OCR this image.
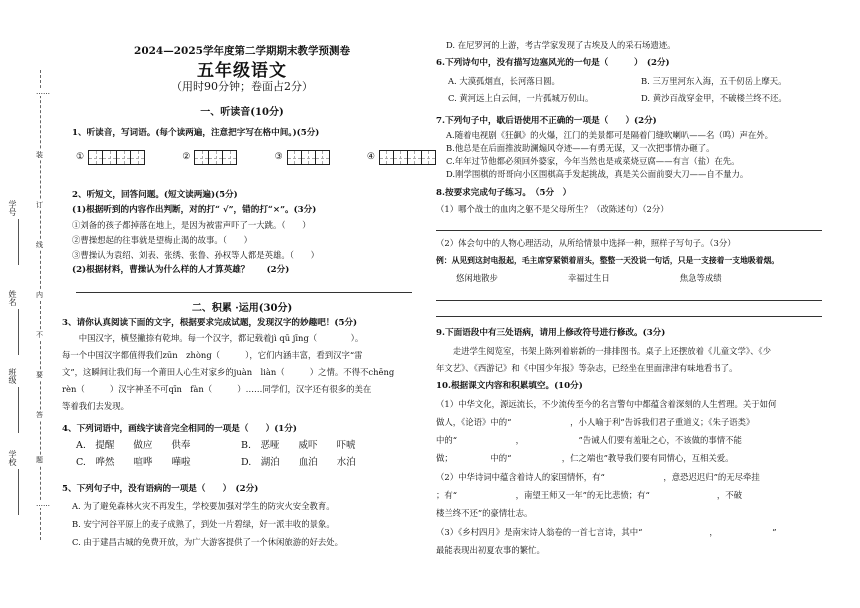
学号
姓名
班级
学校
……
装
订
线
内
不
要
答
题
……
2024—2025学年度第二学期期末教学预测卷
五年级语文
（用时90分钟；卷面占2分）
一、听读音(10分)
1、听读音，写词语。(每个读两遍，注意把字写在格中间。)(5分)
①	②	③	④
2、听短文，回答问题。(短文读两遍)(5分)
(1)根据听到的内容作出判断，对的打“ √”，错的打“×”。(3分)
①刘备的孩子都掉落在地上，是因为被雷声吓了一大跳。（　　）
②曹操想起的往事就是望梅止渴的故事。（　　）
③曹操认为袁绍、刘表、张绣、张鲁、孙权等人都是英雄。（　　）
(2)根据材料，曹操认为什么样的人才算英雄？　　(2分)
二、积累 ·运用(30分)
3、请你认真阅读下面的文字，根据要求完成试题，发现汉字的妙趣吧！(5分)
中国汉字，横竖撇捺有乾坤。每一个汉字，都记载着jì qū jīng（　　　　）。
每一个中国汉字都值得我们zūn　zhòng（　　　），它们内涵丰富，看到汉字“雷
文”，这瞬间让我们每一个莆田人心生对家乡的juàn　liàn（　　　）之情。不得不chēng
rèn（　　　）汉字神圣不可qīn　fàn（　　　）……同学们，汉字还有很多的美在
等着我们去发现。
4、下列词语中，画线字读音完全相同的一项是（　　）(1分)
A.　提醒　　做应　　供奉	B.　恶哑　　威吓　　吓唬
C.　哗然　　喧哗　　嘩啦	D.　湖泊　　血泊　　水泊
5、下列句子中，没有语病的一项是（　　）　(2分)
A. 为了避免森林火灾不再发生，学校要加强对学生的防灾火安全教育。
B. 安宁河谷平原上的麦子成熟了，到处一片碧绿，好一派丰收的景象。
C. 由于建昌古城的免费开放，为广大游客提供了一个休闲旅游的好去处。
D. 在尼罗河的上游，考古学家发现了古埃及人的采石场遗迹。
6.下列诗句中，没有描写边塞风光的一句是（　　　）　(2分)
A. 大漠孤烟直，长河落日圆。	B. 三万里河东入海，五千仞岳上摩天。
C. 黄河远上白云间，一片孤城万仞山。	D. 黄沙百战穿金甲，不破楼兰终不还。
7.下列句子中，歇后语使用不正确的一项是（　　）(2分)
A.随着电视剧《狂飙》的火爆，江门的美景都可是隔着门缝吹喇叭——名（鸣）声在外。
B.他总是在后面推波助澜煽风夺迹——有勇无谋，又一次把事情办砸了。
C.年年过节他都必须回外婆家，今年当然也是戒菜烧豆腐——有言（盐）在先。
D.刚学围棋的哥哥向小区围棋高手发起挑战，真是关公面前耍大刀——自不量力。
8.按要求完成句子练习。　（5分　）
（1）哪个战士的血肉之躯不是父母所生？（改陈述句）（2分）
（2）体会句中的人物心理活动，从所给情景中选择一种，照样子写句子。（3分）
例：从见到这封电报起，毛主席穿紧锁着眉头，整整一天没说一句话，只是一支接着一支地吸着烟。
悠闲地散步	幸福过生日	焦急等成绩
9.下面语段中有三处语病，请用上修改符号进行修改。(3分)
走进学生阅览室，书架上陈列着崭新的一排排图书。桌子上还摆放着《儿童文学》、《少
年文艺》、《西游记》和《中国少年报》等杂志，已经坐在里面津津有味地看书了。
10.根据课文内容和积累填空。(10分)
（1）中华文化，源远流长，不少流传至今的名言警句中都蕴含着深刻的人生哲理。关于如何
做人，《论语》中的“　　　　　　　，小人喻于利”告诉我们君子重道义；《朱子语类》
中的“　　　　　　　，　　　　　　　”告诫人们要有羞耻之心，不该做的事情不能
做；　　　　　中的“　　　　　　，仁之端也”教导我们要有同情心，互相关爱。
（2）中华诗词中蕴含着诗人的家国情怀，有“　　　　　　　，意恐迟迟归”的无尽牵挂
；有“　　　　　　　，南望王师又一年”的无比悲愤；有“　　　　　　　　，不破
楼兰终不还”的豪情壮志。
（3）《乡村四月》是南宋诗人翁卷的一首七言诗，其中“　　　　　　　　，　　　　　　　”
最能表现出初夏农事的繁忙。
